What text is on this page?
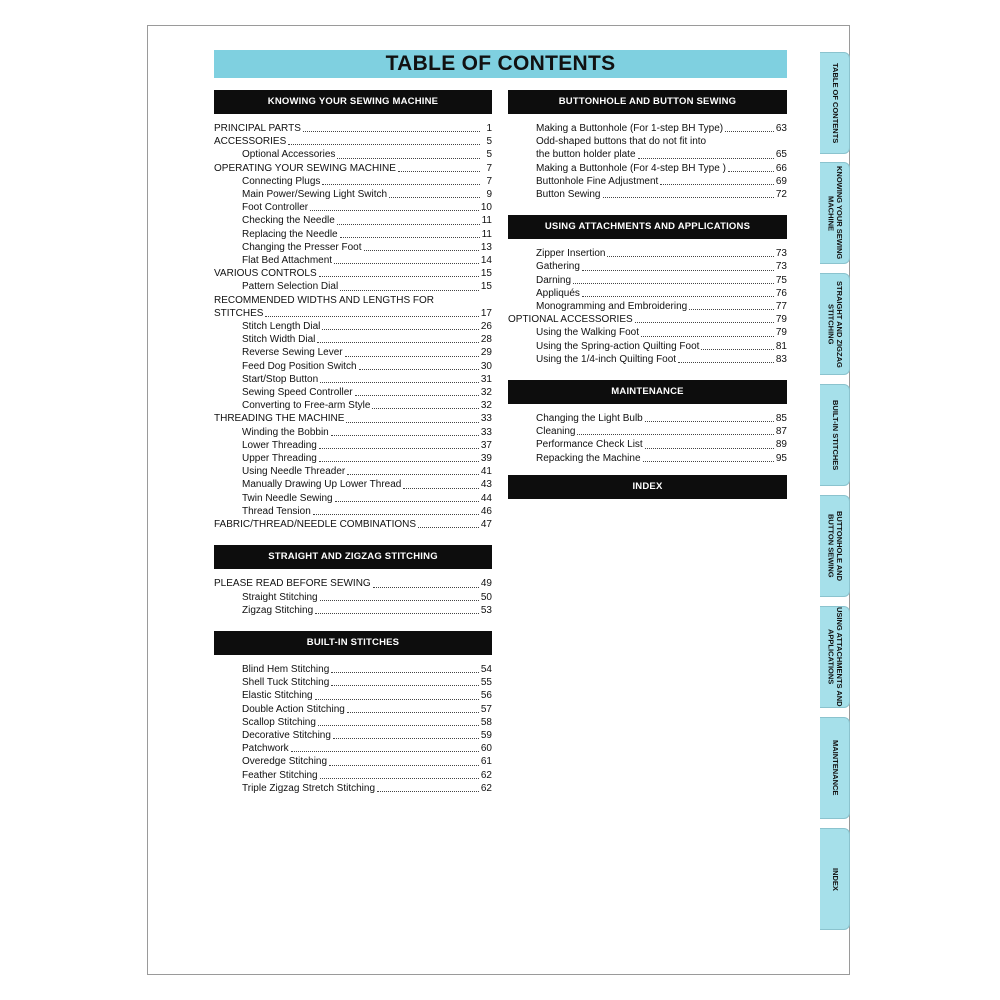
TABLE OF CONTENTS
KNOWING YOUR SEWING MACHINE
PRINCIPAL PARTS	1
ACCESSORIES	5
Optional Accessories	5
OPERATING YOUR SEWING MACHINE	7
Connecting Plugs	7
Main Power/Sewing Light Switch	9
Foot Controller	10
Checking the Needle	11
Replacing the Needle	11
Changing the Presser Foot	13
Flat Bed Attachment	14
VARIOUS CONTROLS	15
Pattern Selection Dial	15
RECOMMENDED WIDTHS AND LENGTHS FOR
STITCHES	17
Stitch Length Dial	26
Stitch Width Dial	28
Reverse Sewing Lever	29
Feed Dog Position Switch	30
Start/Stop Button	31
Sewing Speed Controller	32
Converting to Free-arm Style	32
THREADING THE MACHINE	33
Winding the Bobbin	33
Lower Threading	37
Upper Threading	39
Using Needle Threader	41
Manually Drawing Up Lower Thread	43
Twin Needle Sewing	44
Thread Tension	46
FABRIC/THREAD/NEEDLE COMBINATIONS	47
STRAIGHT AND ZIGZAG STITCHING
PLEASE READ BEFORE SEWING	49
Straight Stitching	50
Zigzag Stitching	53
BUILT-IN STITCHES
Blind Hem Stitching	54
Shell Tuck Stitching	55
Elastic Stitching	56
Double Action Stitching	57
Scallop Stitching	58
Decorative Stitching	59
Patchwork	60
Overedge Stitching	61
Feather Stitching	62
Triple Zigzag Stretch Stitching	62
BUTTONHOLE AND BUTTON SEWING
Making a Buttonhole (For 1-step BH Type)	63
Odd-shaped buttons that do not fit into
the button holder plate	65
Making a Buttonhole (For 4-step BH Type )	66
Buttonhole Fine Adjustment	69
Button Sewing	72
USING ATTACHMENTS AND APPLICATIONS
Zipper Insertion	73
Gathering	73
Darning	75
Appliqués	76
Monogramming and Embroidering	77
OPTIONAL ACCESSORIES	79
Using the Walking Foot	79
Using the Spring-action Quilting Foot	81
Using the 1/4-inch Quilting Foot	83
MAINTENANCE
Changing the Light Bulb	85
Cleaning	87
Performance Check List	89
Repacking the Machine	95
INDEX
TABLE OF CONTENTS
KNOWING YOUR SEWING MACHINE
STRAIGHT AND ZIGZAG STITCHING
BUILT-IN STITCHES
BUTTONHOLE AND BUTTON SEWING
USING ATTACHMENTS AND APPLICATIONS
MAINTENANCE
INDEX
